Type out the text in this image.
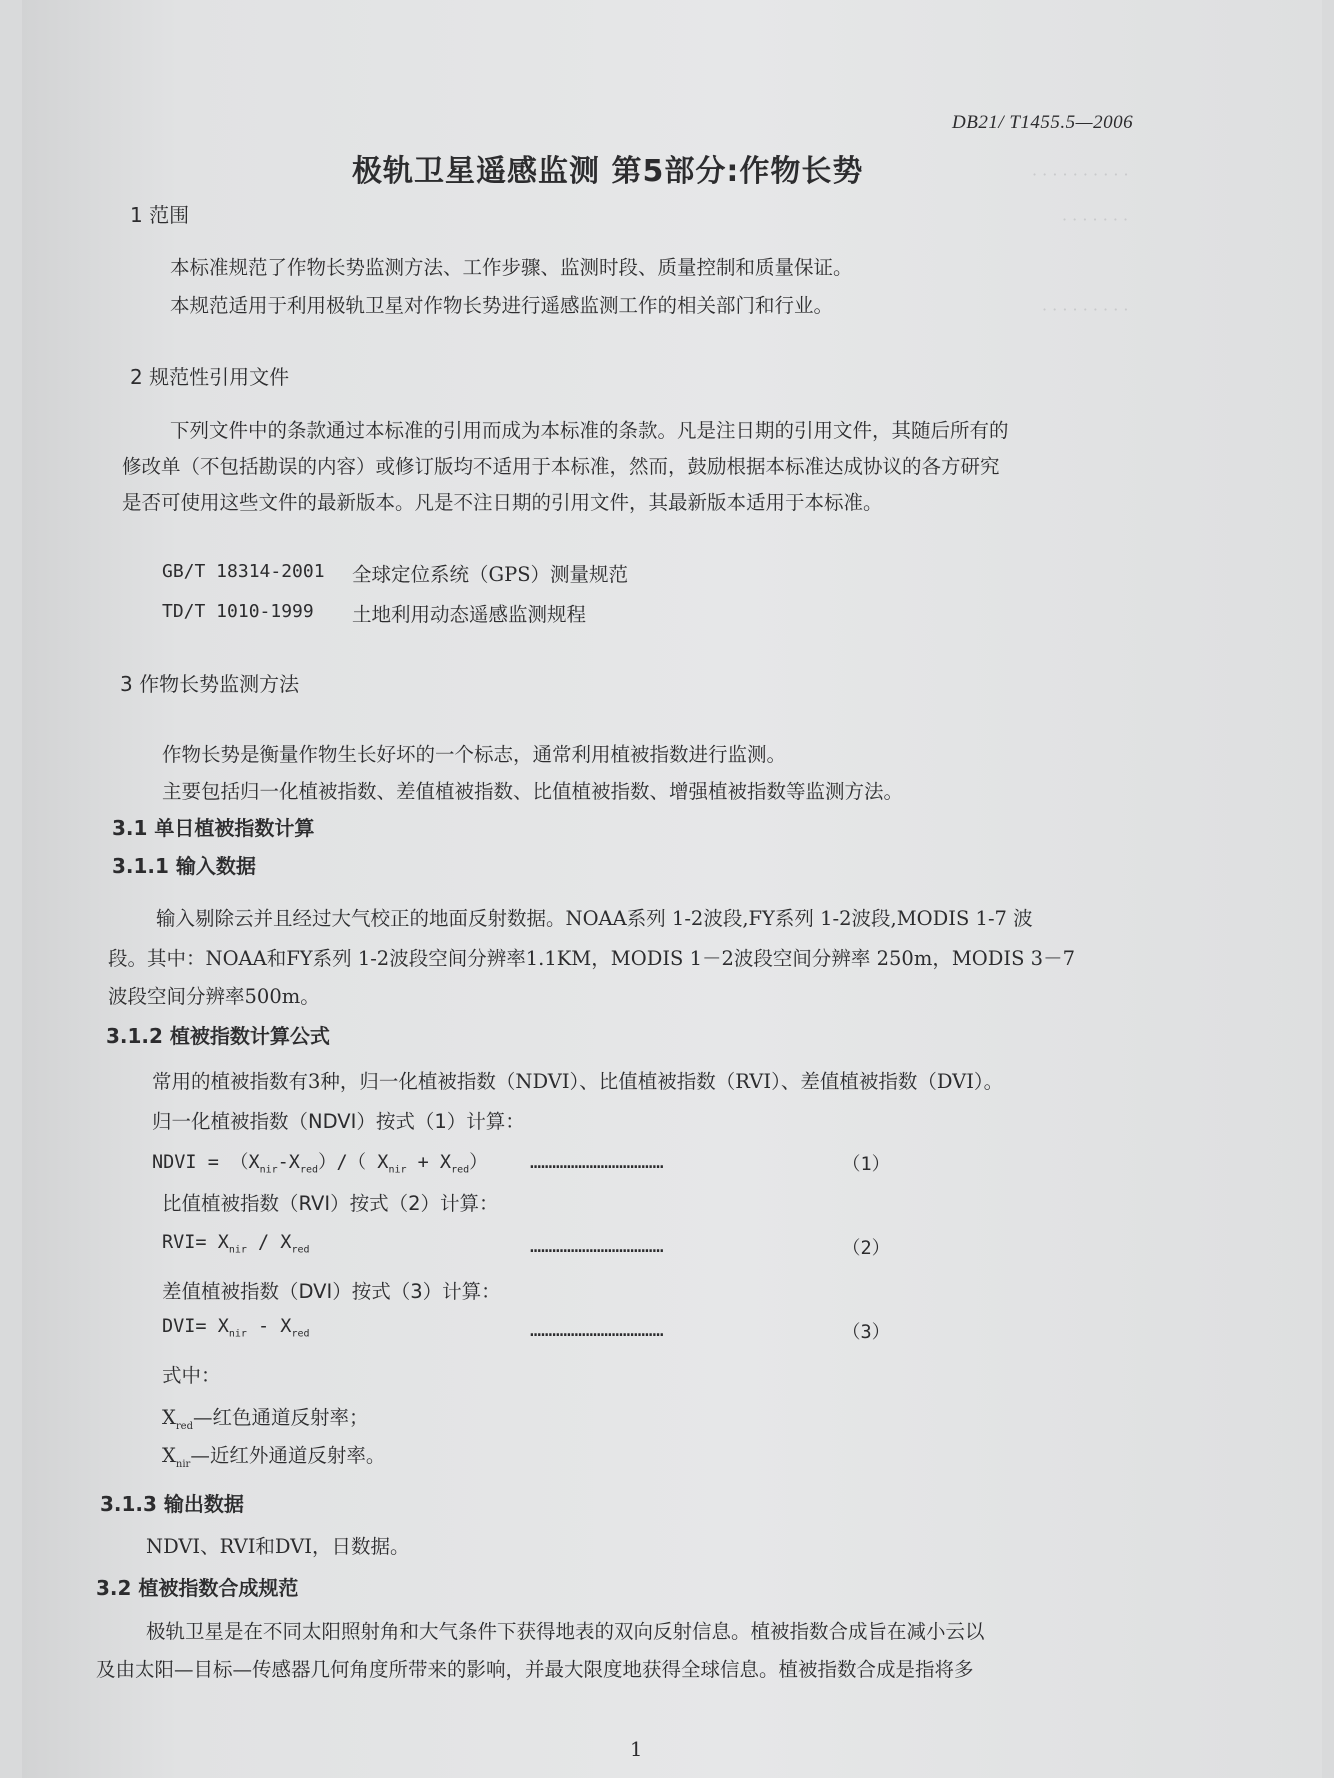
· · · · · · · · · ·
· · · · · · ·
· · · · · · · · ·
DB21/ T1455.5—2006
极轨卫星遥感监测 第5部分:作物长势
1 范围
本标准规范了作物长势监测方法、工作步骤、监测时段、质量控制和质量保证。
本规范适用于利用极轨卫星对作物长势进行遥感监测工作的相关部门和行业。
2 规范性引用文件
下列文件中的条款通过本标准的引用而成为本标准的条款。凡是注日期的引用文件，其随后所有的
修改单（不包括勘误的内容）或修订版均不适用于本标准，然而，鼓励根据本标准达成协议的各方研究
是否可使用这些文件的最新版本。凡是不注日期的引用文件，其最新版本适用于本标准。
GB/T 18314-2001 全球定位系统（GPS）测量规范
TD/T 1010-1999 土地利用动态遥感监测规程
3 作物长势监测方法
作物长势是衡量作物生长好坏的一个标志，通常利用植被指数进行监测。
主要包括归一化植被指数、差值植被指数、比值植被指数、增强植被指数等监测方法。
3.1 单日植被指数计算
3.1.1 输入数据
输入剔除云并且经过大气校正的地面反射数据。NOAA系列 1-2波段,FY系列 1-2波段,MODIS 1-7 波
段。其中：NOAA和FY系列 1-2波段空间分辨率1.1KM，MODIS 1－2波段空间分辨率 250m，MODIS 3－7
波段空间分辨率500m。
3.1.2 植被指数计算公式
常用的植被指数有3种，归一化植被指数（NDVI）、比值植被指数（RVI）、差值植被指数（DVI）。
归一化植被指数（NDVI）按式（1）计算：
NDVI = $(X_{nir}-X_{red})/$（ $X_{nir} + X_{red}$） ………………………………	（1）
比值植被指数（RVI）按式（2）计算：
$RVI= X_{nir} / X_{red}$	………………………………	（2）
差值植被指数（DVI）按式（3）计算：
$DVI= X_{nir} - X_{red}$	………………………………	（3）
式中：
$X_{red}—$红色通道反射率；
$X_{nir}—$近红外通道反射率。
3.1.3 输出数据
NDVI、RVI和DVI，日数据。
3.2 植被指数合成规范
极轨卫星是在不同太阳照射角和大气条件下获得地表的双向反射信息。植被指数合成旨在减小云以
及由太阳—目标—传感器几何角度所带来的影响，并最大限度地获得全球信息。植被指数合成是指将多
1
